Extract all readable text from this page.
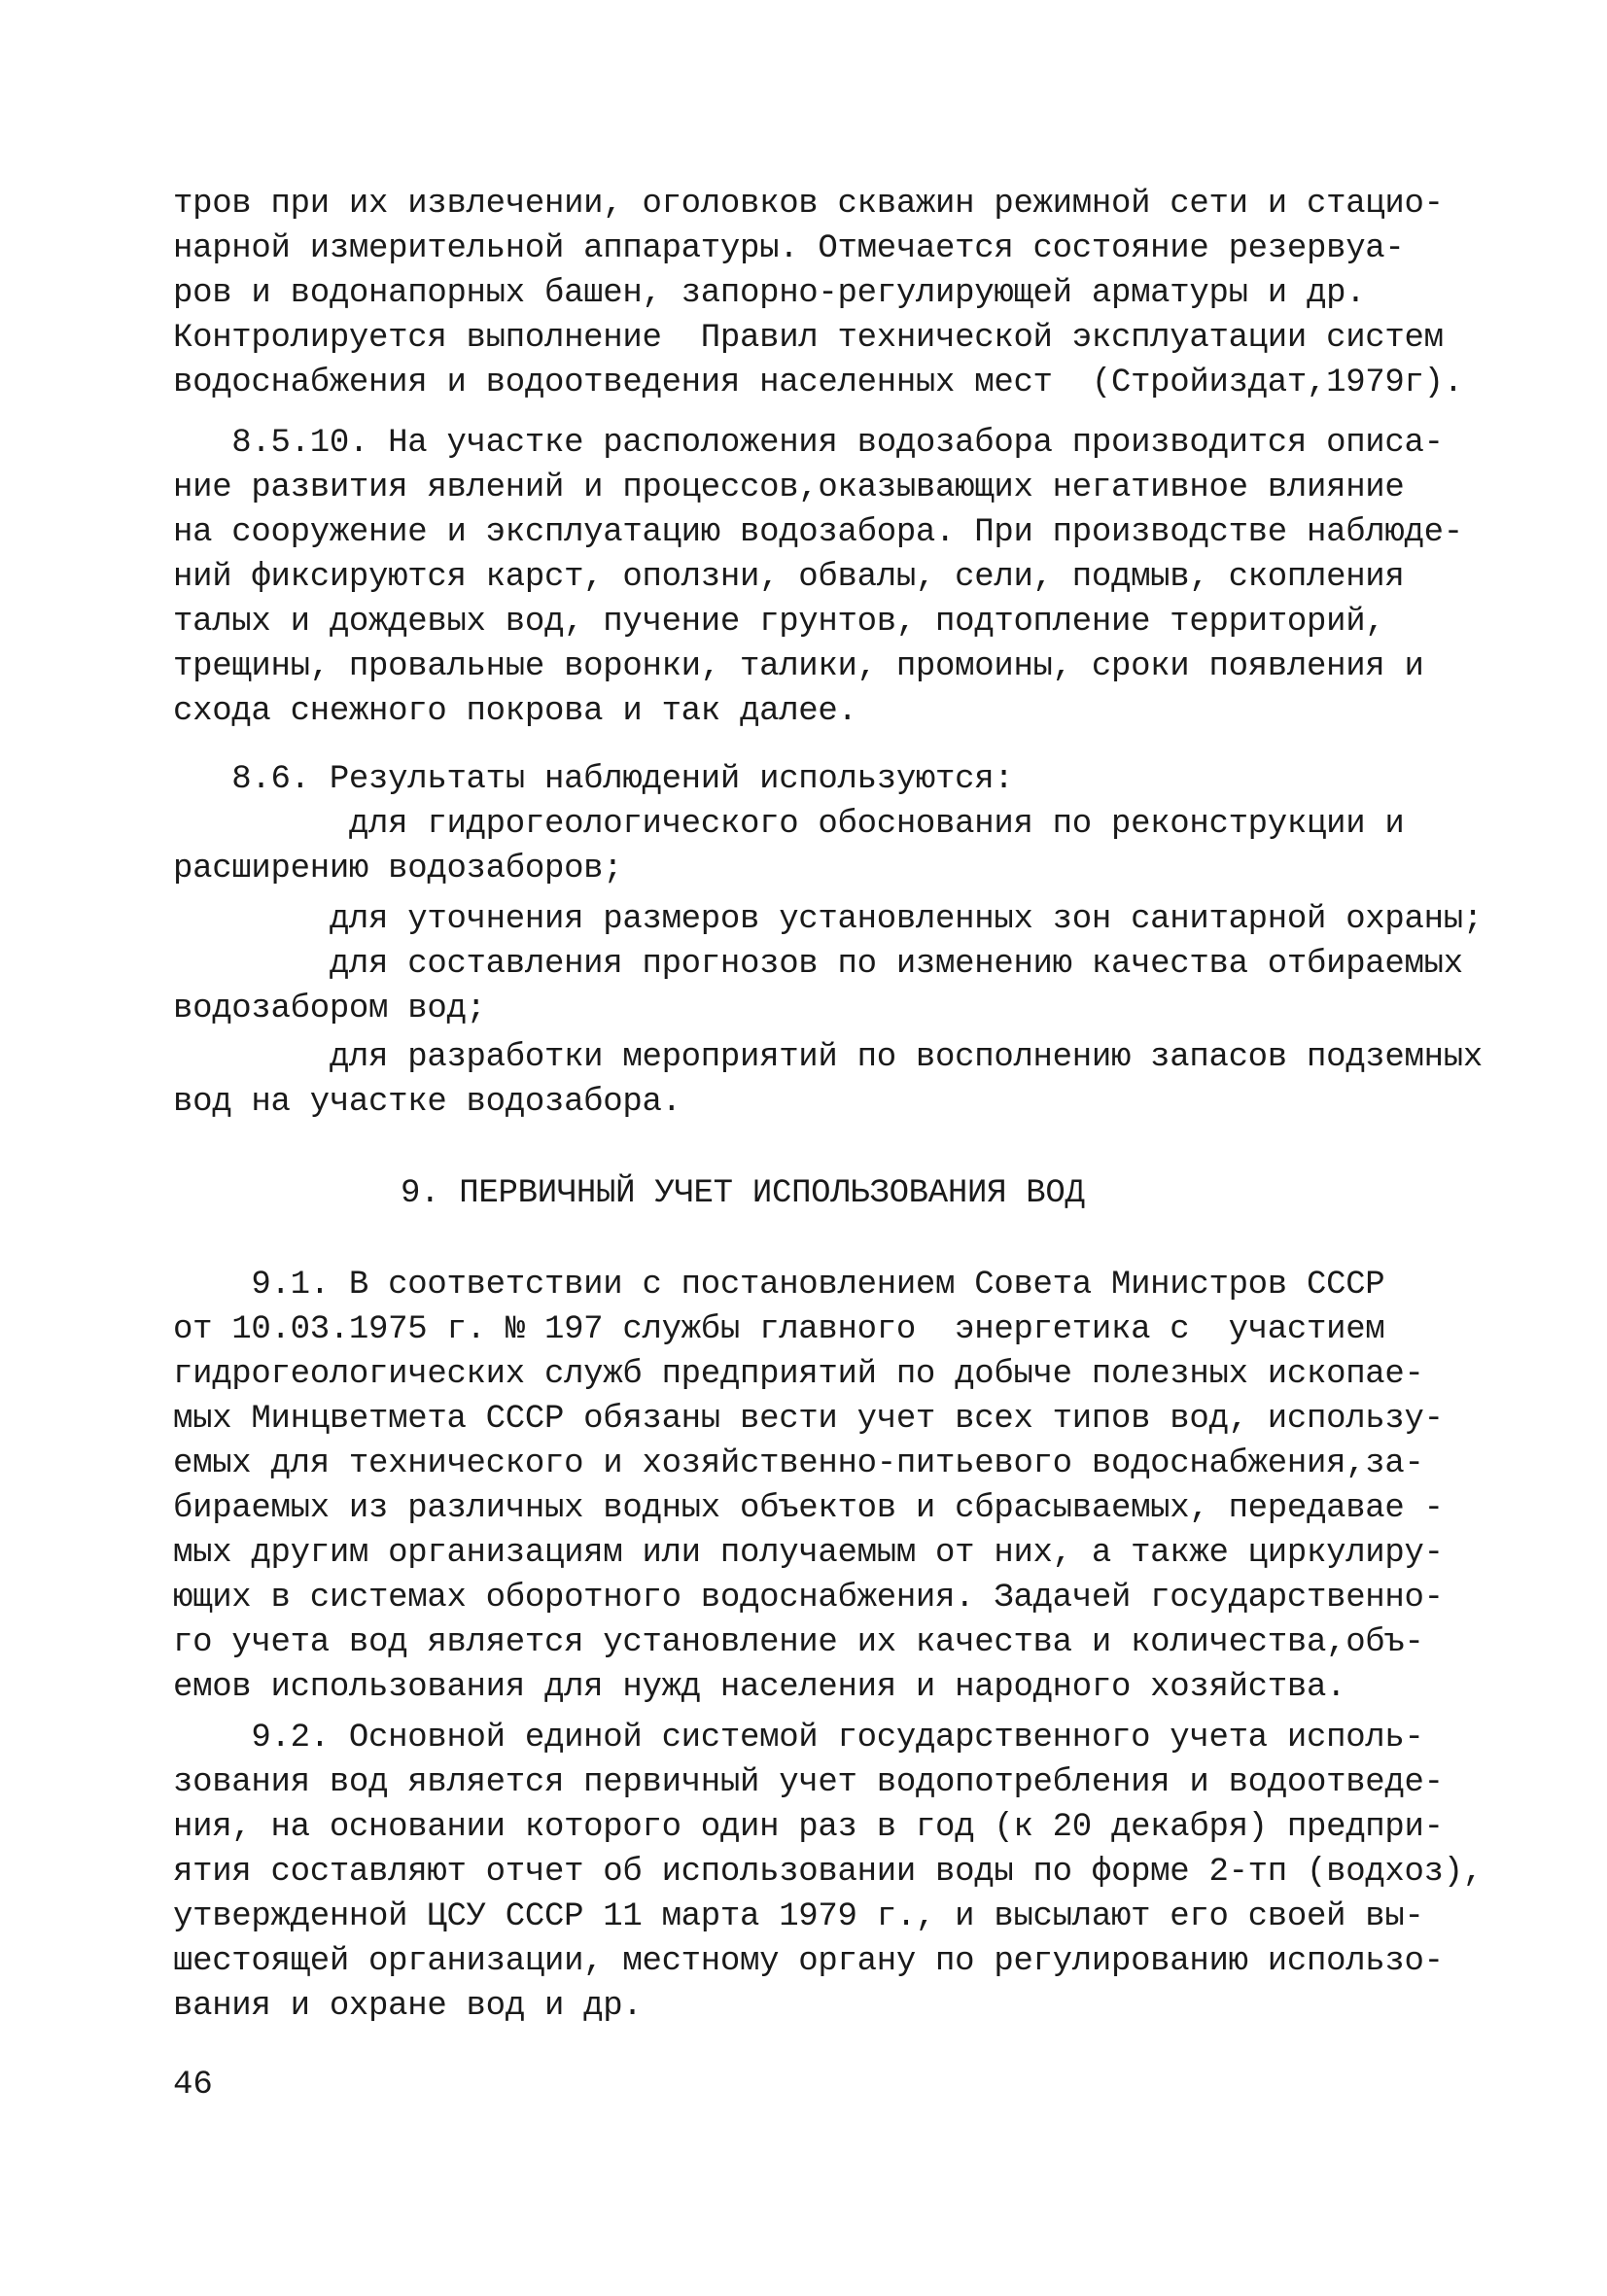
тров при их извлечении, оголовков скважин режимной сети и стацио-
нарной измерительной аппаратуры. Отмечается состояние резервуа-
ров и водонапорных башен, запорно-регулирующей арматуры и др.
Контролируется выполнение  Правил технической эксплуатации систем
водоснабжения и водоотведения населенных мест  (Стройиздат,1979г).
8.5.10. На участке расположения водозабора производится описа-
ние развития явлений и процессов,оказывающих негативное влияние
на сооружение и эксплуатацию водозабора. При производстве наблюде-
ний фиксируются карст, оползни, обвалы, сели, подмыв, скопления
талых и дождевых вод, пучение грунтов, подтопление территорий,
трещины, провальные воронки, талики, промоины, сроки появления и
схода снежного покрова и так далее.
8.6. Результаты наблюдений используются:
для гидрогеологического обоснования по реконструкции и
расширению водозаборов;
для уточнения размеров установленных зон санитарной охраны;
для составления прогнозов по изменению качества отбираемых
водозабором вод;
для разработки мероприятий по восполнению запасов подземных
вод на участке водозабора.
9. ПЕРВИЧНЫЙ УЧЕТ ИСПОЛЬЗОВАНИЯ ВОД
9.1. В соответствии с постановлением Совета Министров СССР
от 10.03.1975 г. № 197 службы главного  энергетика с  участием
гидрогеологических служб предприятий по добыче полезных ископае-
мых Минцветмета СССР обязаны вести учет всех типов вод, использу-
емых для технического и хозяйственно-питьевого водоснабжения,за-
бираемых из различных водных объектов и сбрасываемых, передавае -
мых другим организациям или получаемым от них, а также циркулиру-
ющих в системах оборотного водоснабжения. Задачей государственно-
го учета вод является установление их качества и количества,объ-
емов использования для нужд населения и народного хозяйства.
9.2. Основной единой системой государственного учета исполь-
зования вод является первичный учет водопотребления и водоотведе-
ния, на основании которого один раз в год (к 20 декабря) предпри-
ятия составляют отчет об использовании воды по форме 2-тп (водхоз),
утвержденной ЦСУ СССР 11 марта 1979 г., и высылают его своей вы-
шестоящей организации, местному органу по регулированию использо-
вания и охране вод и др.
46
